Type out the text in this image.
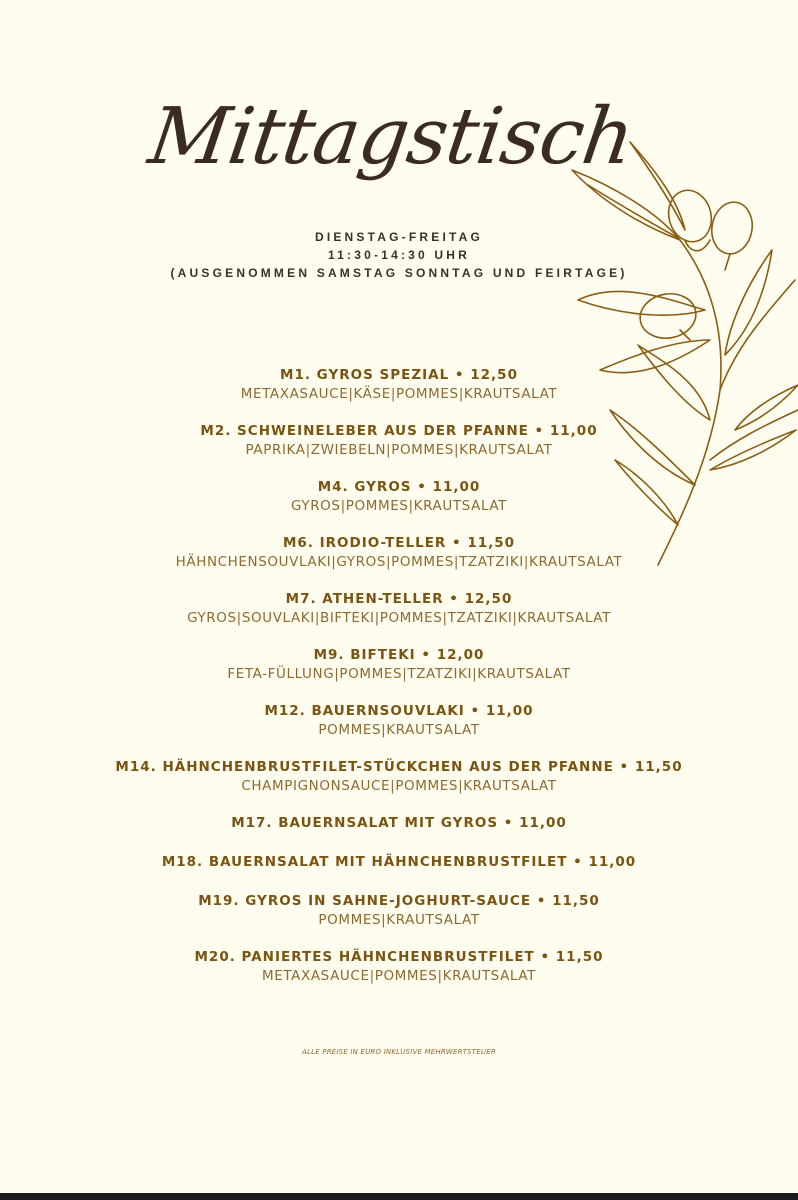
Mittagstisch
DIENSTAG-FREITAG
11:30-14:30 UHR
(AUSGENOMMEN SAMSTAG SONNTAG UND FEIRTAGE)
M1. GYROS SPEZIAL • 12,50
METAXASAUCE|KÄSE|POMMES|KRAUTSALAT
M2. SCHWEINELEBER AUS DER PFANNE • 11,00
PAPRIKA|ZWIEBELN|POMMES|KRAUTSALAT
M4. GYROS • 11,00
GYROS|POMMES|KRAUTSALAT
M6. IRODIO-TELLER • 11,50
HÄHNCHENSOUVLAKI|GYROS|POMMES|TZATZIKI|KRAUTSALAT
M7. ATHEN-TELLER • 12,50
GYROS|SOUVLAKI|BIFTEKI|POMMES|TZATZIKI|KRAUTSALAT
M9. BIFTEKI • 12,00
FETA-FÜLLUNG|POMMES|TZATZIKI|KRAUTSALAT
M12. BAUERNSOUVLAKI • 11,00
POMMES|KRAUTSALAT
M14. HÄHNCHENBRUSTFILET-STÜCKCHEN AUS DER PFANNE • 11,50
CHAMPIGNONSAUCE|POMMES|KRAUTSALAT
M17. BAUERNSALAT MIT GYROS • 11,00
M18. BAUERNSALAT MIT HÄHNCHENBRUSTFILET • 11,00
M19. GYROS IN SAHNE-JOGHURT-SAUCE • 11,50
POMMES|KRAUTSALAT
M20. PANIERTES HÄHNCHENBRUSTFILET • 11,50
METAXASAUCE|POMMES|KRAUTSALAT
ALLE PREISE IN EURO INKLUSIVE MEHRWERTSTEUER
